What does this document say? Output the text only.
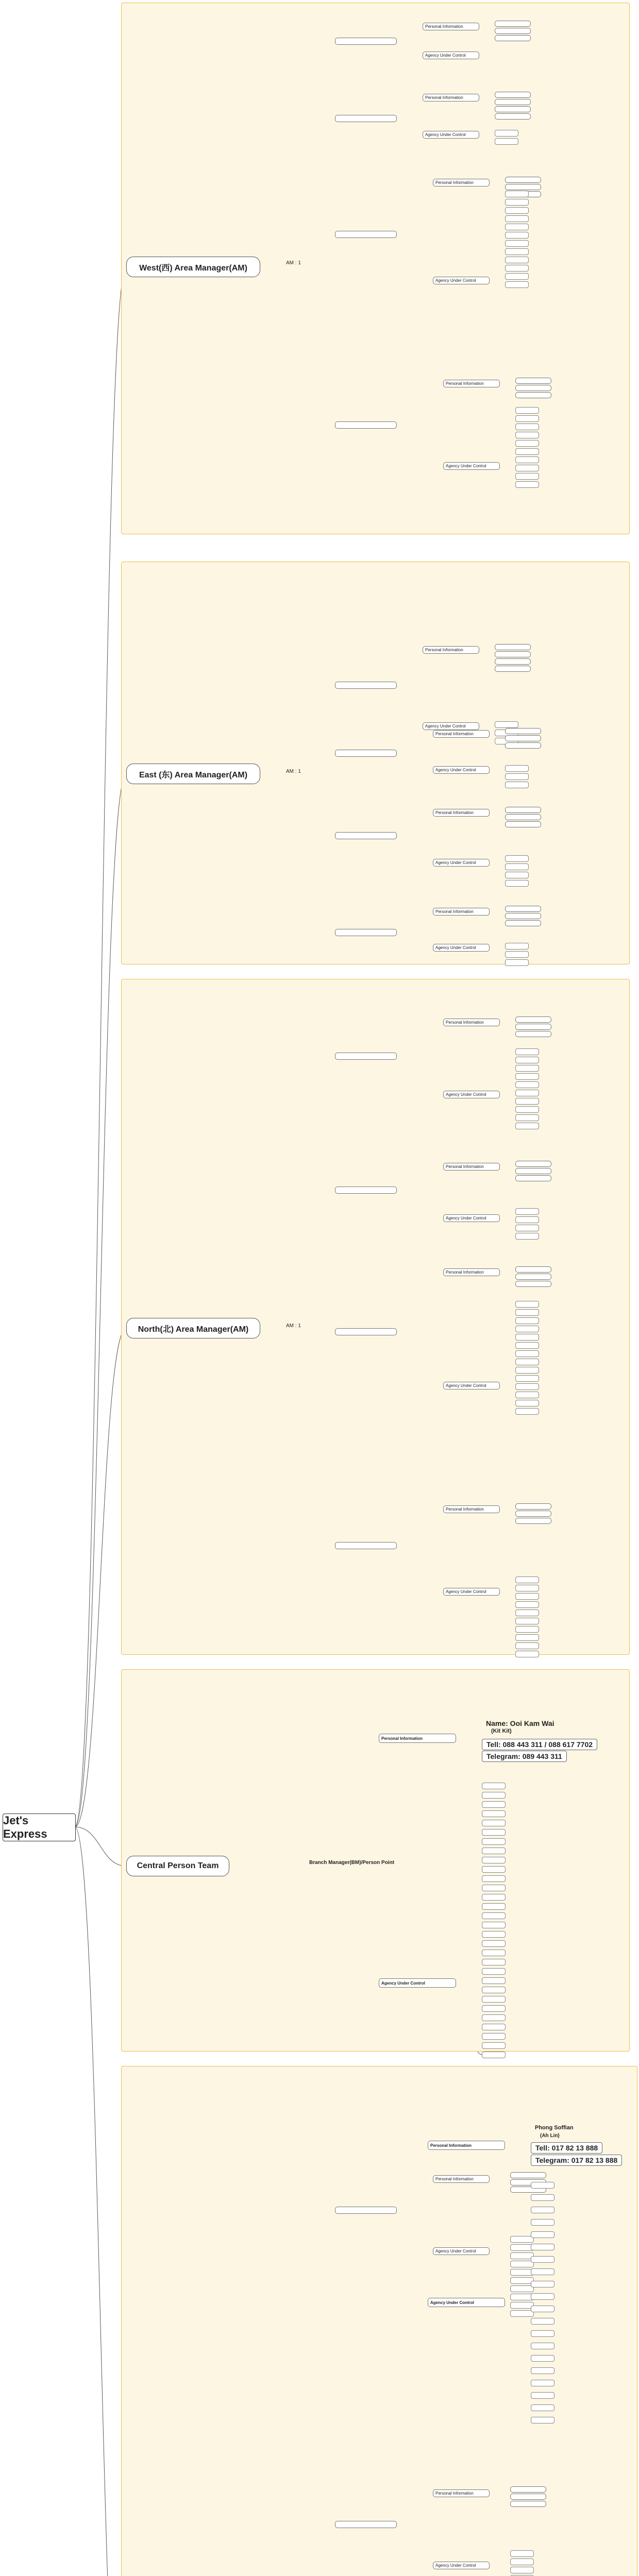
Jet's Express
West(西) Area Manager(AM)
East (东) Area Manager(AM)
North(北) Area Manager(AM)
Central Person Team
AM : 1
AM : 1
AM : 1
Branch Manager(BM)/Person Point
Personal Information
Agency Under Control
Name: Ooi Kam Wai
(Kit Kit)
Tell: 088 443 311 / 088 617 7702
Telegram: 089 443 311
Personal Information
Agency Under Control
Phong Soffian
(Ah Lin)
Tell: 017 82 13 888
Telegram: 017 82 13 888
Personal Information
Agency Under Control
Personal Information
Agency Under Control
Personal Information
Agency Under Control
Personal Information
Agency Under Control
Personal Information
Agency Under Control
Personal Information
Agency Under Control
Personal Information
Agency Under Control
Personal Information
Agency Under Control
Personal Information
Agency Under Control
Personal Information
Agency Under Control
Personal Information
Agency Under Control
Personal Information
Agency Under Control
Personal Information
Agency Under Control
Personal Information
Agency Under Control
